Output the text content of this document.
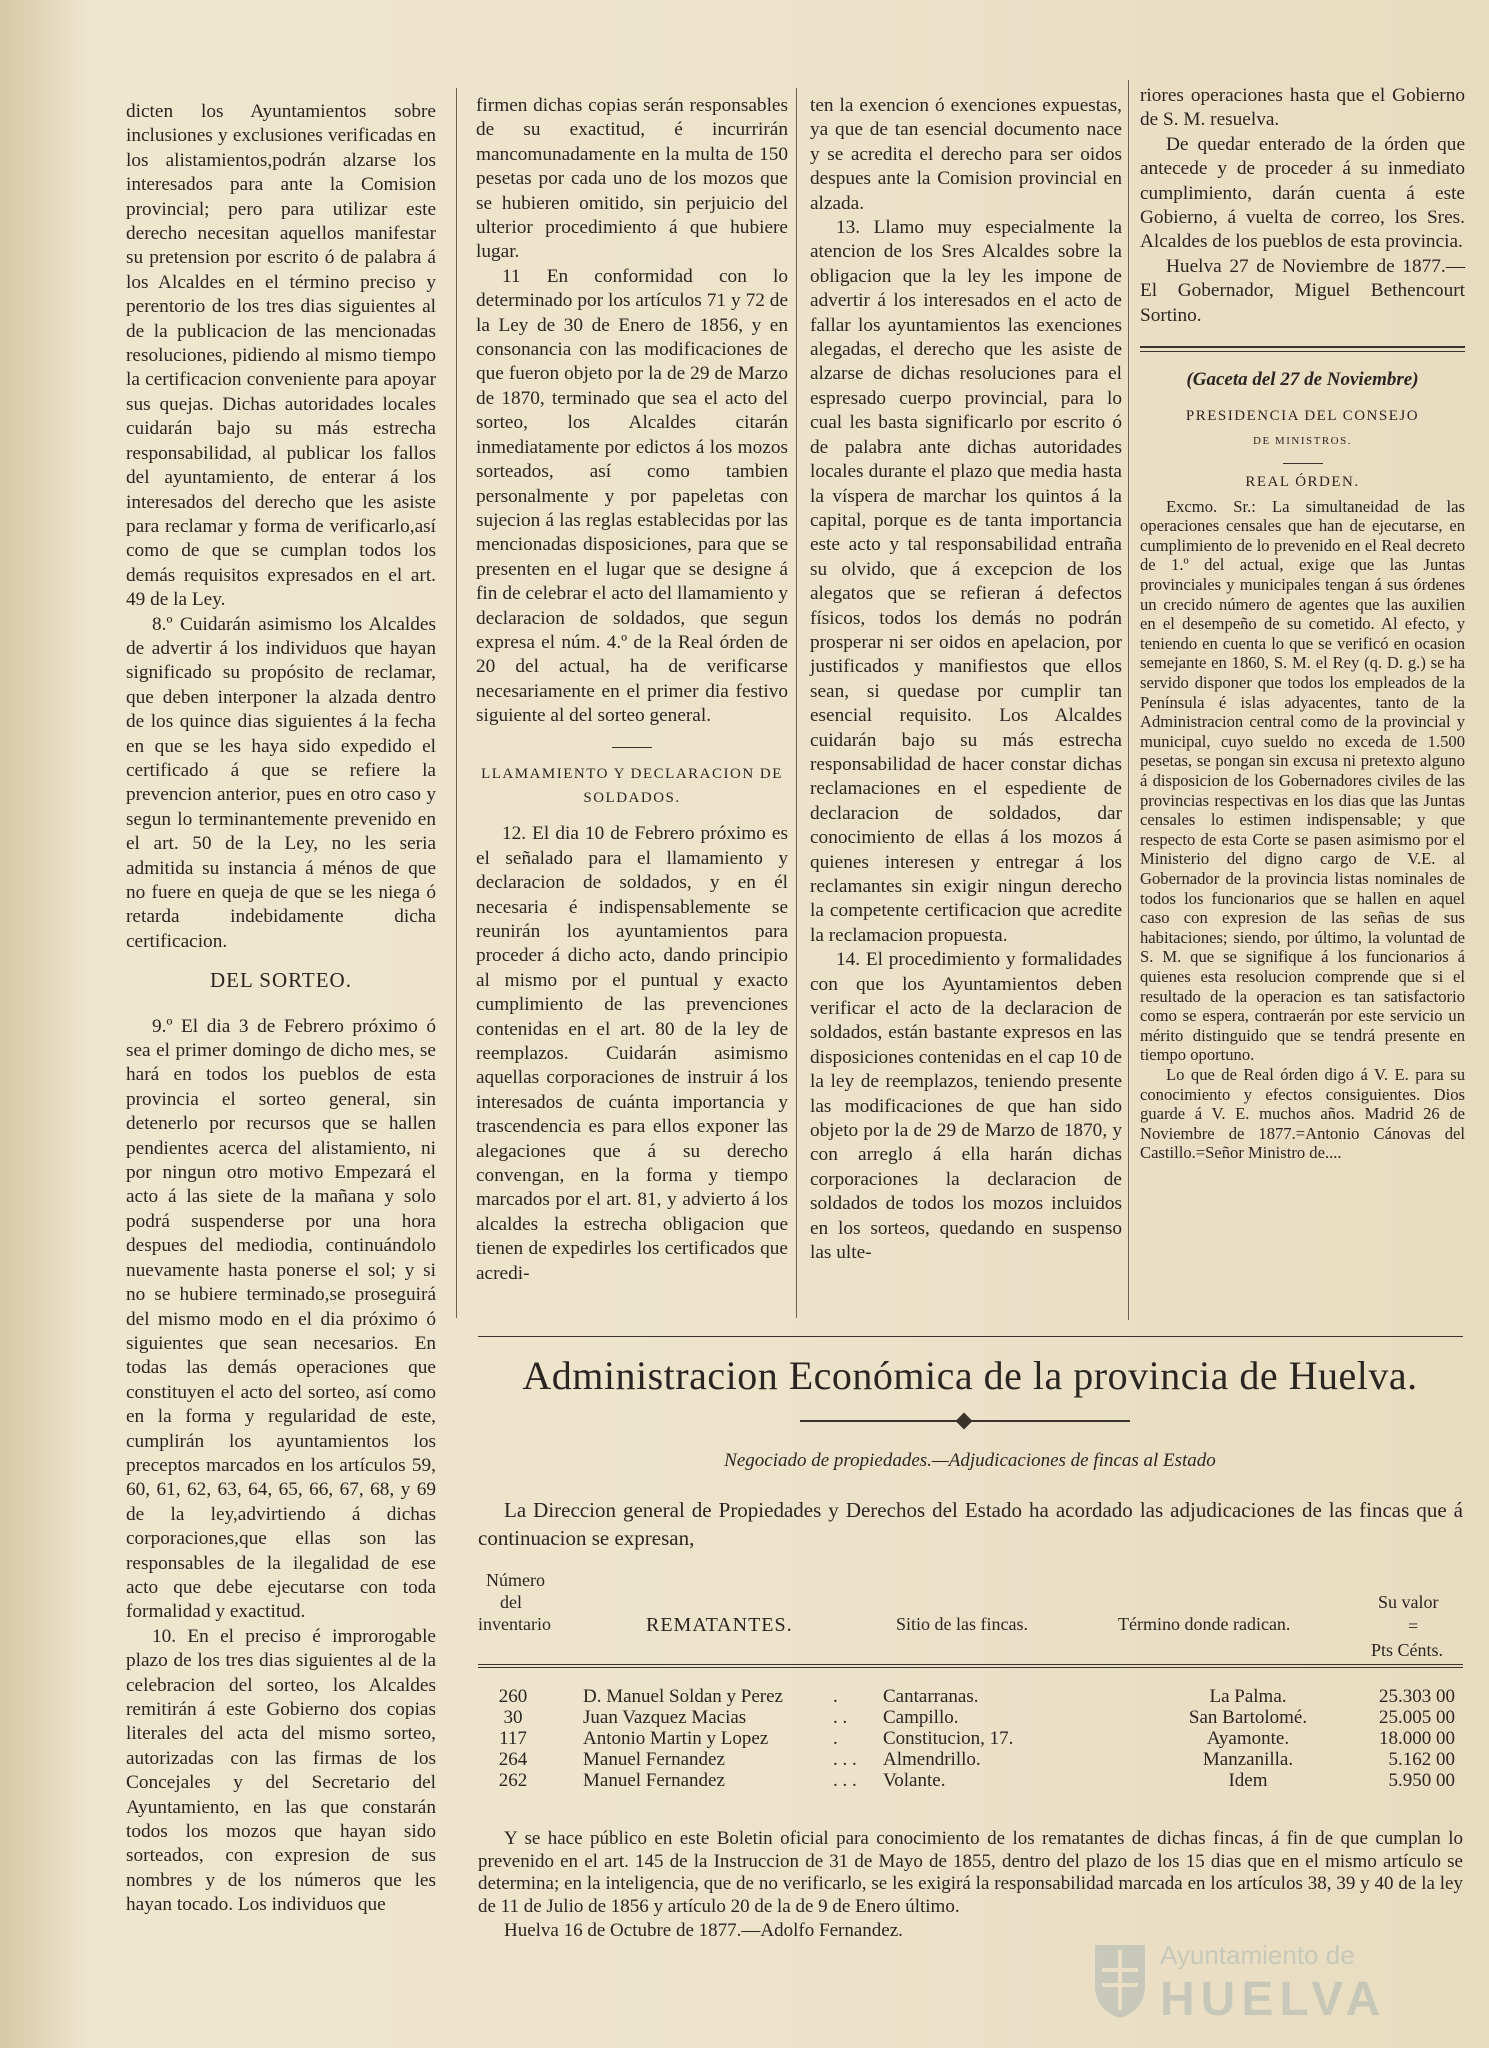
dicten los Ayuntamientos sobre inclusiones y exclusiones verificadas en los alistamientos,podrán alzarse los interesados para ante la Comision provincial; pero para utilizar este derecho necesitan aquellos manifestar su pretension por escrito ó de palabra á los Alcaldes en el término preciso y perentorio de los tres dias siguientes al de la publicacion de las mencionadas resoluciones, pidiendo al mismo tiempo la certificacion conveniente para apoyar sus quejas. Dichas autoridades locales cuidarán bajo su más estrecha responsabilidad, al publicar los fallos del ayuntamiento, de enterar á los interesados del derecho que les asiste para reclamar y forma de verificarlo,así como de que se cumplan todos los demás requisitos expresados en el art. 49 de la Ley.

8.º Cuidarán asimismo los Alcaldes de advertir á los individuos que hayan significado su propósito de reclamar, que deben interponer la alzada dentro de los quince dias siguientes á la fecha en que se les haya sido expedido el certificado á que se refiere la prevencion anterior, pues en otro caso y segun lo terminantemente prevenido en el art. 50 de la Ley, no les seria admitida su instancia á ménos de que no fuere en queja de que se les niega ó retarda indebidamente dicha certificacion.

DEL SORTEO.

9.º El dia 3 de Febrero próximo ó sea el primer domingo de dicho mes, se hará en todos los pueblos de esta provincia el sorteo general, sin detenerlo por recursos que se hallen pendientes acerca del alistamiento, ni por ningun otro motivo Empezará el acto á las siete de la mañana y solo podrá suspenderse por una hora despues del mediodia, continuándolo nuevamente hasta ponerse el sol; y si no se hubiere terminado,se proseguirá del mismo modo en el dia próximo ó siguientes que sean necesarios. En todas las demás operaciones que constituyen el acto del sorteo, así como en la forma y regularidad de este, cumplirán los ayuntamientos los preceptos marcados en los artículos 59, 60, 61, 62, 63, 64, 65, 66, 67, 68, y 69 de la ley,advirtiendo á dichas corporaciones,que ellas son las responsables de la ilegalidad de ese acto que debe ejecutarse con toda formalidad y exactitud.

10. En el preciso é improrogable plazo de los tres dias siguientes al de la celebracion del sorteo, los Alcaldes remitirán á este Gobierno dos copias literales del acta del mismo sorteo, autorizadas con las firmas de los Concejales y del Secretario del Ayuntamiento, en las que constarán todos los mozos que hayan sido sorteados, con expresion de sus nombres y de los números que les hayan tocado. Los individuos que

firmen dichas copias serán responsables de su exactitud, é incurrirán mancomunadamente en la multa de 150 pesetas por cada uno de los mozos que se hubieren omitido, sin perjuicio del ulterior procedimiento á que hubiere lugar.

11 En conformidad con lo determinado por los artículos 71 y 72 de la Ley de 30 de Enero de 1856, y en consonancia con las modificaciones de que fueron objeto por la de 29 de Marzo de 1870, terminado que sea el acto del sorteo, los Alcaldes citarán inmediatamente por edictos á los mozos sorteados, así como tambien personalmente y por papeletas con sujecion á las reglas establecidas por las mencionadas disposiciones, para que se presenten en el lugar que se designe á fin de celebrar el acto del llamamiento y declaracion de soldados, que segun expresa el núm. 4.º de la Real órden de 20 del actual, ha de verificarse necesariamente en el primer dia festivo siguiente al del sorteo general.

LLAMAMIENTO Y DECLARACION DE SOLDADOS.

12. El dia 10 de Febrero próximo es el señalado para el llamamiento y declaracion de soldados, y en él necesaria é indispensablemente se reunirán los ayuntamientos para proceder á dicho acto, dando principio al mismo por el puntual y exacto cumplimiento de las prevenciones contenidas en el art. 80 de la ley de reemplazos. Cuidarán asimismo aquellas corporaciones de instruir á los interesados de cuánta importancia y trascendencia es para ellos exponer las alegaciones que á su derecho convengan, en la forma y tiempo marcados por el art. 81, y advierto á los alcaldes la estrecha obligacion que tienen de expedirles los certificados que acredi-

ten la exencion ó exenciones expuestas, ya que de tan esencial documento nace y se acredita el derecho para ser oidos despues ante la Comision provincial en alzada.

13. Llamo muy especialmente la atencion de los Sres Alcaldes sobre la obligacion que la ley les impone de advertir á los interesados en el acto de fallar los ayuntamientos las exenciones alegadas, el derecho que les asiste de alzarse de dichas resoluciones para el espresado cuerpo provincial, para lo cual les basta significarlo por escrito ó de palabra ante dichas autoridades locales durante el plazo que media hasta la víspera de marchar los quintos á la capital, porque es de tanta importancia este acto y tal responsabilidad entraña su olvido, que á excepcion de los alegatos que se refieran á defectos físicos, todos los demás no podrán prosperar ni ser oidos en apelacion, por justificados y manifiestos que ellos sean, si quedase por cumplir tan esencial requisito. Los Alcaldes cuidarán bajo su más estrecha responsabilidad de hacer constar dichas reclamaciones en el espediente de declaracion de soldados, dar conocimiento de ellas á los mozos á quienes interesen y entregar á los reclamantes sin exigir ningun derecho la competente certificacion que acredite la reclamacion propuesta.

14. El procedimiento y formalidades con que los Ayuntamientos deben verificar el acto de la declaracion de soldados, están bastante expresos en las disposiciones contenidas en el cap 10 de la ley de reemplazos, teniendo presente las modificaciones de que han sido objeto por la de 29 de Marzo de 1870, y con arreglo á ella harán dichas corporaciones la declaracion de soldados de todos los mozos incluidos en los sorteos, quedando en suspenso las ulte-

riores operaciones hasta que el Gobierno de S. M. resuelva.

De quedar enterado de la órden que antecede y de proceder á su inmediato cumplimiento, darán cuenta á este Gobierno, á vuelta de correo, los Sres. Alcaldes de los pueblos de esta provincia.

Huelva 27 de Noviembre de 1877.—El Gobernador, Miguel Bethencourt Sortino.

(Gaceta del 27 de Noviembre)

PRESIDENCIA DEL CONSEJO

DE MINISTROS.

REAL ÓRDEN.

Excmo. Sr.: La simultaneidad de las operaciones censales que han de ejecutarse, en cumplimiento de lo prevenido en el Real decreto de 1.º del actual, exige que las Juntas provinciales y municipales tengan á sus órdenes un crecido número de agentes que las auxilien en el desempeño de su cometido. Al efecto, y teniendo en cuenta lo que se verificó en ocasion semejante en 1860, S. M. el Rey (q. D. g.) se ha servido disponer que todos los empleados de la Península é islas adyacentes, tanto de la Administracion central como de la provincial y municipal, cuyo sueldo no exceda de 1.500 pesetas, se pongan sin excusa ni pretexto alguno á disposicion de los Gobernadores civiles de las provincias respectivas en los dias que las Juntas censales lo estimen indispensable; y que respecto de esta Corte se pasen asimismo por el Ministerio del digno cargo de V.E. al Gobernador de la provincia listas nominales de todos los funcionarios que se hallen en aquel caso con expresion de las señas de sus habitaciones; siendo, por último, la voluntad de S. M. que se signifique á los funcionarios á quienes esta resolucion comprende que si el resultado de la operacion es tan satisfactorio como se espera, contraerán por este servicio un mérito distinguido que se tendrá presente en tiempo oportuno.

Lo que de Real órden digo á V. E. para su conocimiento y efectos consiguientes. Dios guarde á V. E. muchos años. Madrid 26 de Noviembre de 1877.=Antonio Cánovas del Castillo.=Señor Ministro de....

Administracion Económica de la provincia de Huelva.
Negociado de propiedades.—Adjudicaciones de fincas al Estado
La Direccion general de Propiedades y Derechos del Estado ha acordado las adjudicaciones de las fincas que á continuacion se expresan,
Número
del
inventario	REMATANTES.	Sitio de las fincas.	Término donde radican.
Su valor
=
Pts Cénts.
260	D. Manuel Soldan y Perez	.	Cantarranas.	La Palma.	25.303 00
30	Juan Vazquez Macias	. .	Campillo.	San Bartolomé.	25.005 00
117	Antonio Martin y Lopez	.	Constitucion, 17.	Ayamonte.	18.000 00
264	Manuel Fernandez	. . .	Almendrillo.	Manzanilla.	5.162 00
262	Manuel Fernandez	. . .	Volante.	Idem	5.950 00

Y se hace público en este Boletin oficial para conocimiento de los rematantes de dichas fincas, á fin de que cumplan lo prevenido en el art. 145 de la Instruccion de 31 de Mayo de 1855, dentro del plazo de los 15 dias que en el mismo artículo se determina; en la inteligencia, que de no verificarlo, se les exigirá la responsabilidad marcada en los artículos 38, 39 y 40 de la ley de 11 de Julio de 1856 y artículo 20 de la de 9 de Enero último.

Huelva 16 de Octubre de 1877.—Adolfo Fernandez.

Ayuntamiento de
HUELVA
